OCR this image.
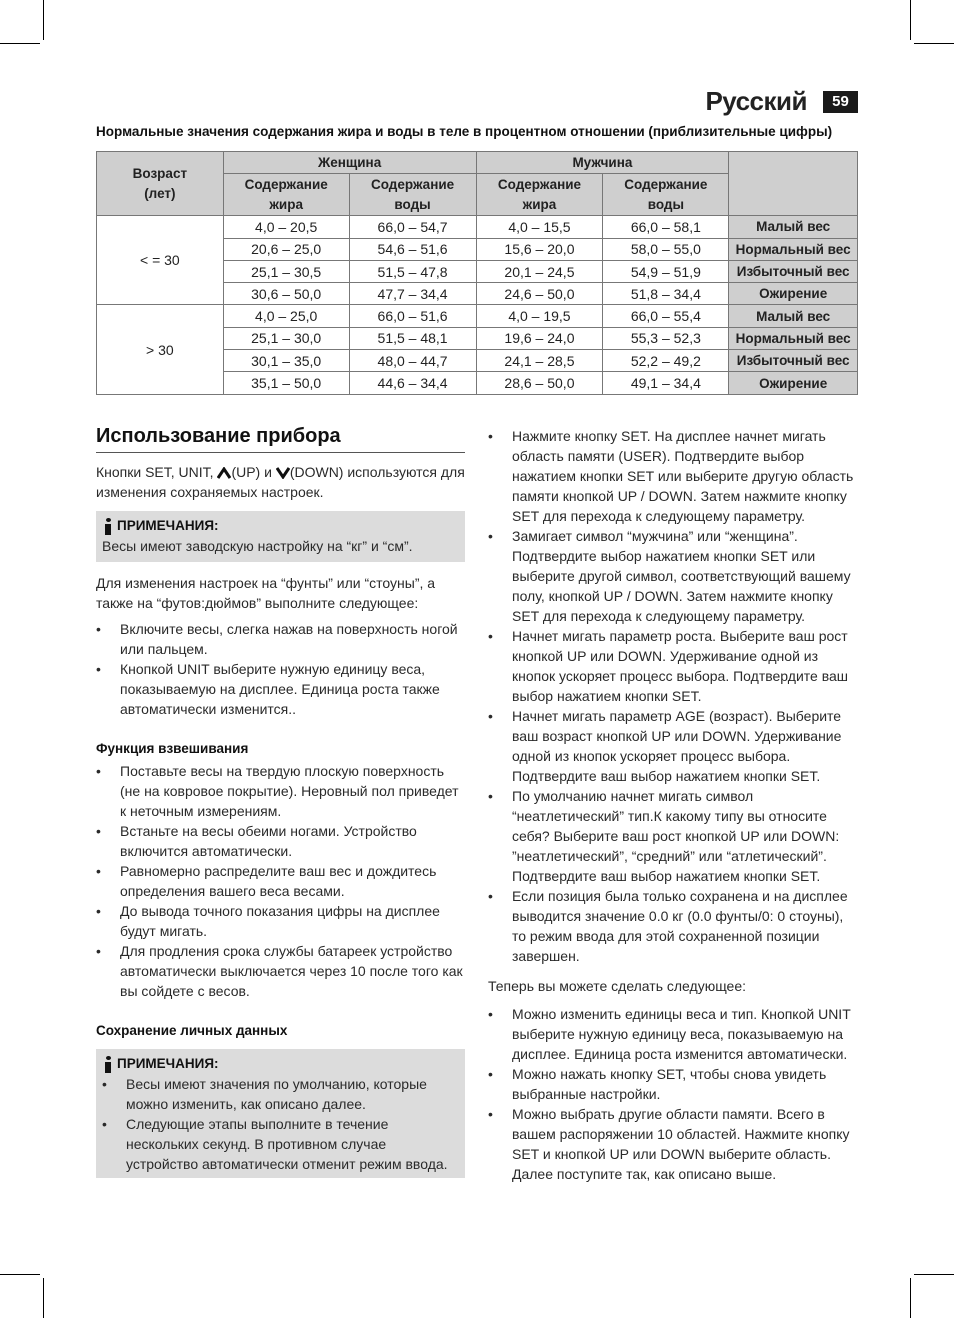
Русский	59
Нормальные значения содержания жира и воды в теле в процентном отношении (приблизительные цифры)
Возраст (лет)	Женщина		Мужчина		
	Содержание жира	Содержание воды	Содержание жира	Содержание воды	
< = 30	4,0 – 20,5	66,0 – 54,7	4,0 – 15,5	66,0 – 58,1	Малый вес
	20,6 – 25,0	54,6 – 51,6	15,6 – 20,0	58,0 – 55,0	Нормальный вес
	25,1 – 30,5	51,5 – 47,8	20,1 – 24,5	54,9 – 51,9	Избыточный вес
	30,6 – 50,0	47,7 – 34,4	24,6 – 50,0	51,8 – 34,4	Ожирение
> 30	4,0 – 25,0	66,0 – 51,6	4,0 – 19,5	66,0 – 55,4	Малый вес
	25,1 – 30,0	51,5 – 48,1	19,6 – 24,0	55,3 – 52,3	Нормальный вес
	30,1 – 35,0	48,0 – 44,7	24,1 – 28,5	52,2 – 49,2	Избыточный вес
	35,1 – 50,0	44,6 – 34,4	28,6 – 50,0	49,1 – 34,4	Ожирение
Использование прибора

Кнопки SET, UNIT, (UP) и (DOWN) используются для изменения сохраняемых настроек.

ПРИМЕЧАНИЯ:

Весы имеют заводскую настройку на “кг” и “см”.

Для изменения настроек на “фунты” или “стоуны”, а также на “футов:дюймов” выполните следующее:

• Включите весы, слегка нажав на поверхность ногой или пальцем.
• Кнопкой UNIT выберите нужную единицу веса, показываемую на дисплее. Единица роста также автоматически изменится..
Функция взвешивания
• Поставьте весы на твердую плоскую поверхность (не на ковровое покрытие). Неровный пол приведет к неточным измерениям.
• Встаньте на весы обеими ногами. Устройство включится автоматически.
• Равномерно распределите ваш вес и дождитесь определения вашего веса весами.
• До вывода точного показания цифры на дисплее будут мигать.
• Для продления срока службы батареек устройство автоматически выключается через 10 после того как вы сойдете с весов.
Сохранение личных данных
ПРИМЕЧАНИЯ:
• Весы имеют значения по умолчанию, которые можно изменить, как описано далее.
• Следующие этапы выполните в течение нескольких секунд. В противном случае устройство автоматически отменит режим ввода.
• Нажмите кнопку SET. На дисплее начнет мигать область памяти (USER). Подтвердите выбор нажатием кнопки SET или выберите другую область памяти кнопкой UP / DOWN. Затем нажмите кнопку SET для перехода к следующему параметру.
• Замигает символ “мужчина” или “женщина”. Подтвердите выбор нажатием кнопки SET или выберите другой символ, соответствующий вашему полу, кнопкой UP / DOWN. Затем нажмите кнопку SET для перехода к следующему параметру.
• Начнет мигать параметр роста. Выберите ваш рост кнопкой UP или DOWN. Удерживание одной из кнопок ускоряет процесс выбора. Подтвердите ваш выбор нажатием кнопки SET.
• Начнет мигать параметр AGE (возраст). Выберите ваш возраст кнопкой UP или DOWN. Удерживание одной из кнопок ускоряет процесс выбора. Подтвердите ваш выбор нажатием кнопки SET.
• По умолчанию начнет мигать символ “неатлетический” тип.К какому типу вы относите себя? Выберите ваш рост кнопкой UP или DOWN: ”неатлетический”, “средний” или “атлетический”. Подтвердите ваш выбор нажатием кнопки SET.
• Если позиция была только сохранена и на дисплее выводится значение 0.0 кг (0.0 фунты/0: 0 стоуны), то режим ввода для этой сохраненной позиции завершен.

Теперь вы можете сделать следующее:

• Можно изменить единицы веса и тип. Кнопкой UNIT выберите нужную единицу веса, показываемую на дисплее. Единица роста изменится автоматически.
• Можно нажать кнопку SET, чтобы снова увидеть выбранные настройки.
• Можно выбрать другие области памяти. Всего в вашем распоряжении 10 областей. Нажмите кнопку SET и кнопкой UP или DOWN выберите область. Далее поступите так, как описано выше.
